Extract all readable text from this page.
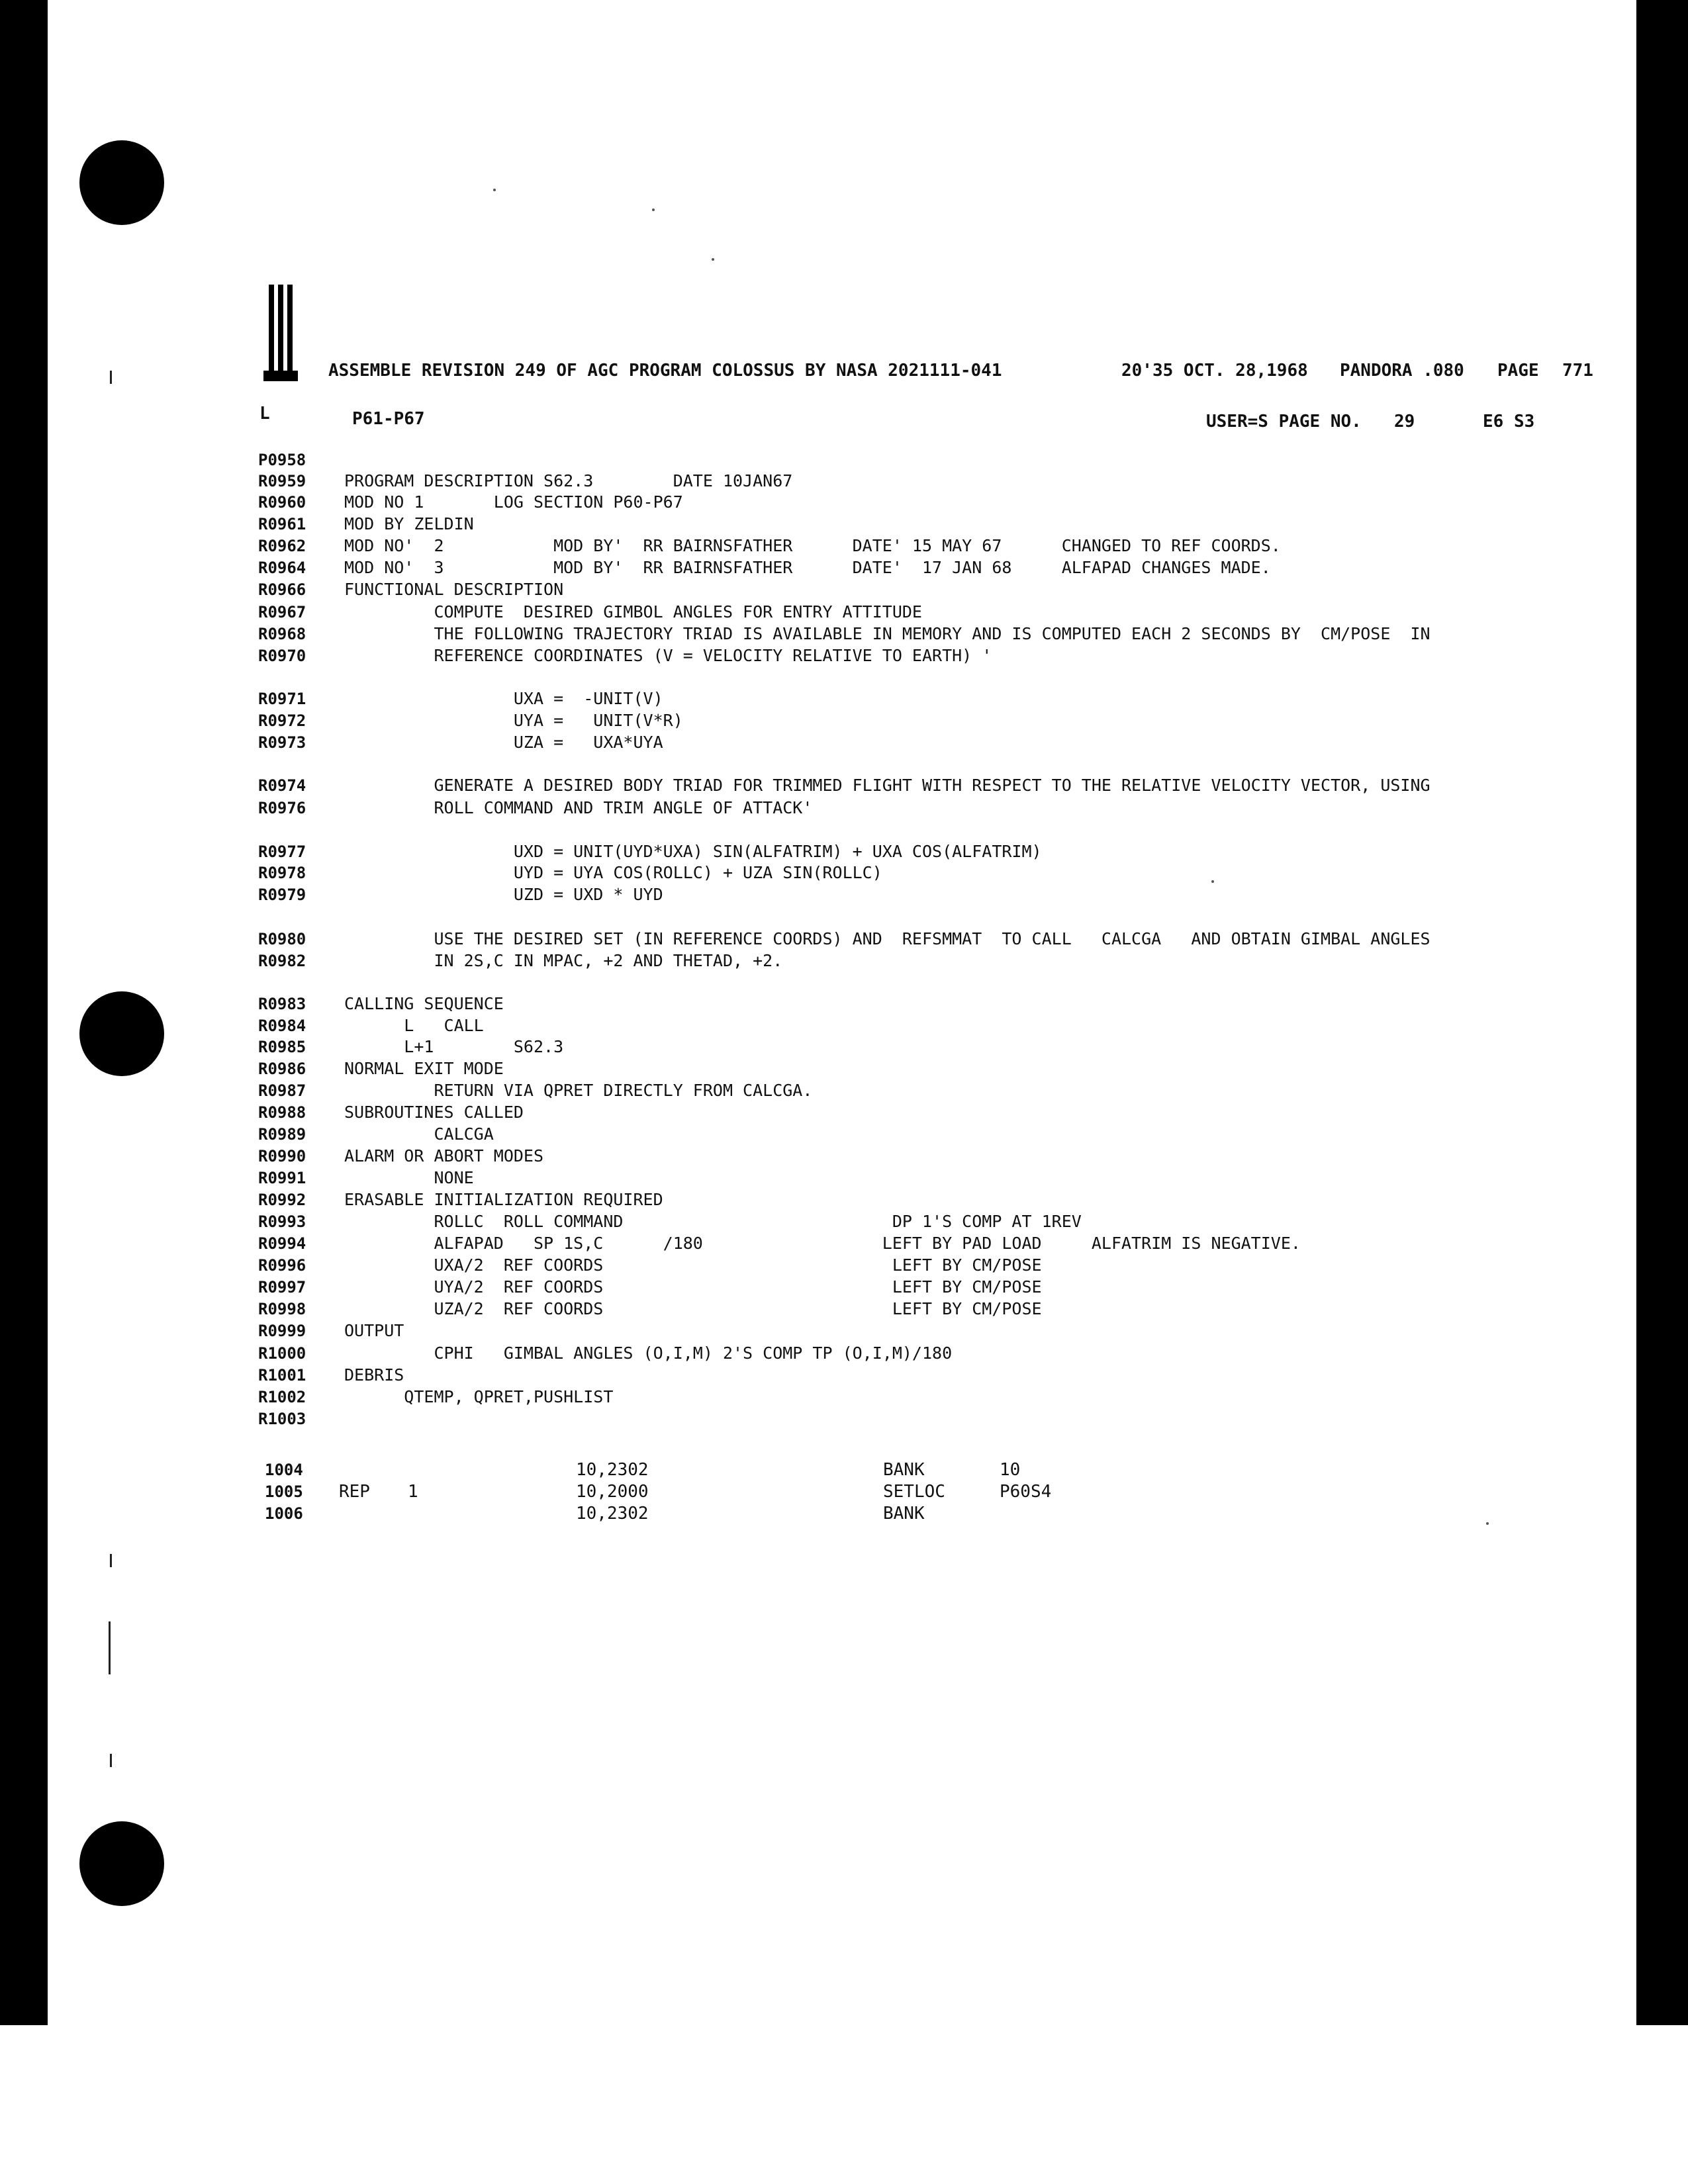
ASSEMBLE REVISION 249 OF AGC PROGRAM COLOSSUS BY NASA 2021111-041	20'35 OCT. 28,1968 PANDORA .080 PAGE 771
L	P61-P67	USER=S PAGE NO. 29	E6 S3
P0958
R0959 PROGRAM DESCRIPTION S62.3        DATE 10JAN67
R0960 MOD NO 1       LOG SECTION P60-P67
R0961 MOD BY ZELDIN
R0962 MOD NO'  2           MOD BY'  RR BAIRNSFATHER      DATE' 15 MAY 67      CHANGED TO REF COORDS.
R0964 MOD NO'  3           MOD BY'  RR BAIRNSFATHER      DATE'  17 JAN 68     ALFAPAD CHANGES MADE.
R0966 FUNCTIONAL DESCRIPTION
R0967 COMPUTE  DESIRED GIMBOL ANGLES FOR ENTRY ATTITUDE
R0968 THE FOLLOWING TRAJECTORY TRIAD IS AVAILABLE IN MEMORY AND IS COMPUTED EACH 2 SECONDS BY  CM/POSE  IN
R0970 REFERENCE COORDINATES (V = VELOCITY RELATIVE TO EARTH) '
R0971 UXA =  -UNIT(V)
R0972 UYA =   UNIT(V*R)
R0973 UZA =   UXA*UYA
R0974 GENERATE A DESIRED BODY TRIAD FOR TRIMMED FLIGHT WITH RESPECT TO THE RELATIVE VELOCITY VECTOR, USING
R0976 ROLL COMMAND AND TRIM ANGLE OF ATTACK'
R0977 UXD = UNIT(UYD*UXA) SIN(ALFATRIM) + UXA COS(ALFATRIM)
R0978 UYD = UYA COS(ROLLC) + UZA SIN(ROLLC)
R0979 UZD = UXD * UYD
R0980 USE THE DESIRED SET (IN REFERENCE COORDS) AND  REFSMMAT  TO CALL   CALCGA   AND OBTAIN GIMBAL ANGLES
R0982 IN 2S,C IN MPAC, +2 AND THETAD, +2.
R0983 CALLING SEQUENCE
R0984 L   CALL
R0985 L+1        S62.3
R0986 NORMAL EXIT MODE
R0987 RETURN VIA QPRET DIRECTLY FROM CALCGA.
R0988 SUBROUTINES CALLED
R0989 CALCGA
R0990 ALARM OR ABORT MODES
R0991 NONE
R0992 ERASABLE INITIALIZATION REQUIRED
R0993 ROLLC  ROLL COMMAND                           DP 1'S COMP AT 1REV
R0994 ALFAPAD   SP 1S,C      /180                  LEFT BY PAD LOAD     ALFATRIM IS NEGATIVE.
R0996 UXA/2  REF COORDS                             LEFT BY CM/POSE
R0997 UYA/2  REF COORDS                             LEFT BY CM/POSE
R0998 UZA/2  REF COORDS                             LEFT BY CM/POSE
R0999 OUTPUT
R1000 CPHI   GIMBAL ANGLES (O,I,M) 2'S COMP TP (O,I,M)/180
R1001 DEBRIS
R1002 QTEMP, QPRET,PUSHLIST
R1003
1004	10,2302	BANK	10
1005 REP 1	10,2000	SETLOC	P60S4
1006	10,2302	BANK
